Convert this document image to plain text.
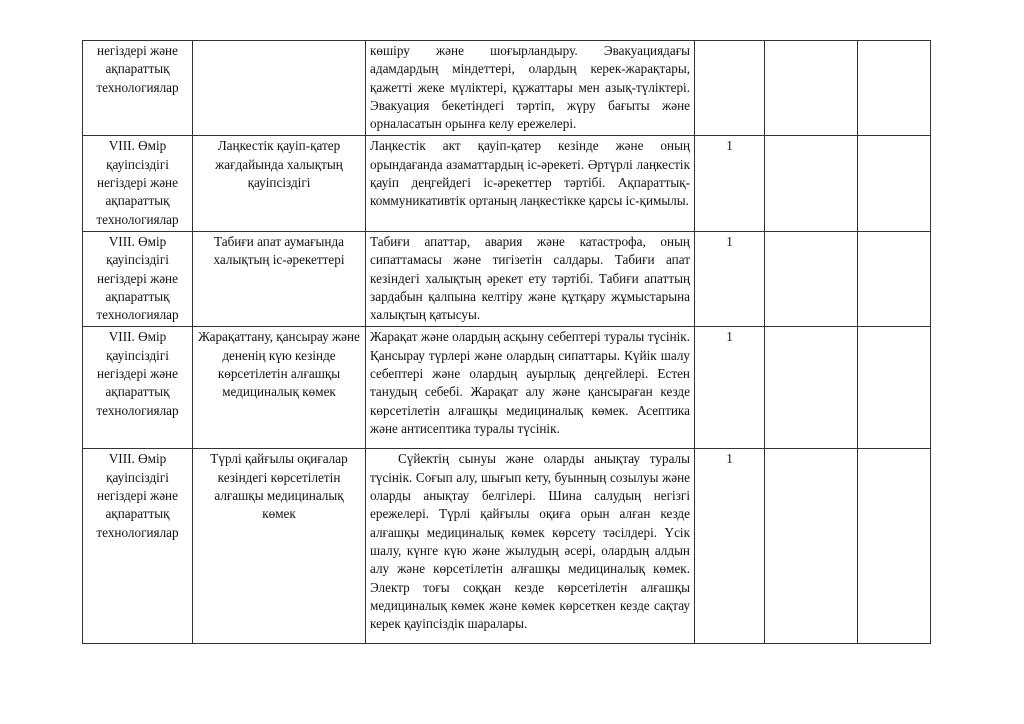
негіздері және ақпараттық технологиялар		көшіру және шоғырландыру. Эвакуациядағы адамдардың міндеттері, олардың керек-жарақтары, қажетті жеке мүліктері, құжаттары мен азық-түліктері. Эвакуация бекетіндегі тәртіп, жүру бағыты және орналасатын орынға келу ережелері.			
VIII. Өмір қауіпсіздігі негіздері және ақпараттық технологиялар	Лаңкестік қауіп-қатер жағдайында халықтың қауіпсіздігі	Лаңкестік акт қауіп-қатер кезінде және оның орындағанда азаматтардың іс-әрекеті. Әртүрлі лаңкестік қауіп деңгейдегі іс-әрекеттер тәртібі. Ақпараттық-коммуникативтік ортаның лаңкестікке қарсы іс-қимылы.	1		
VIII. Өмір қауіпсіздігі негіздері және ақпараттық технологиялар	Табиғи апат аумағында халықтың іс-әрекеттері	Табиғи апаттар, авария және катастрофа, оның сипаттамасы және тигізетін салдары. Табиғи апат кезіндегі халықтың әрекет ету тәртібі. Табиғи апаттың зардабын қалпына келтіру және құтқару жұмыстарына халықтың қатысуы.	1		
VIII. Өмір қауіпсіздігі негіздері және ақпараттық технологиялар	Жарақаттану, қансырау және дененің күю кезінде көрсетілетін алғашқы медициналық көмек	Жарақат және олардың асқыну себептері туралы түсінік. Қансырау түрлері және олардың сипаттары. Күйік шалу себептері және олардың ауырлық деңгейлері. Естен танудың себебі. Жарақат алу және қансыраған кезде көрсетілетін алғашқы медициналық көмек. Асептика және антисептика туралы түсінік.	1		
VIII. Өмір қауіпсіздігі негіздері және ақпараттық технологиялар	Түрлі қайғылы оқиғалар кезіндегі көрсетілетін алғашқы медициналық көмек	Сүйектің сынуы және оларды анықтау туралы түсінік. Соғып алу, шығып кету, буынның созылуы және оларды анықтау белгілері. Шина салудың негізгі ережелері. Түрлі қайғылы оқиға орын алған кезде алғашқы медициналық көмек көрсету тәсілдері. Үсік шалу, күнге күю және жылудың әсері, олардың алдын алу және көрсетілетін алғашқы медициналық көмек. Электр тоғы соққан кезде көрсетілетін алғашқы медициналық көмек және көмек көрсеткен кезде сақтау керек қауіпсіздік шаралары.	1		
